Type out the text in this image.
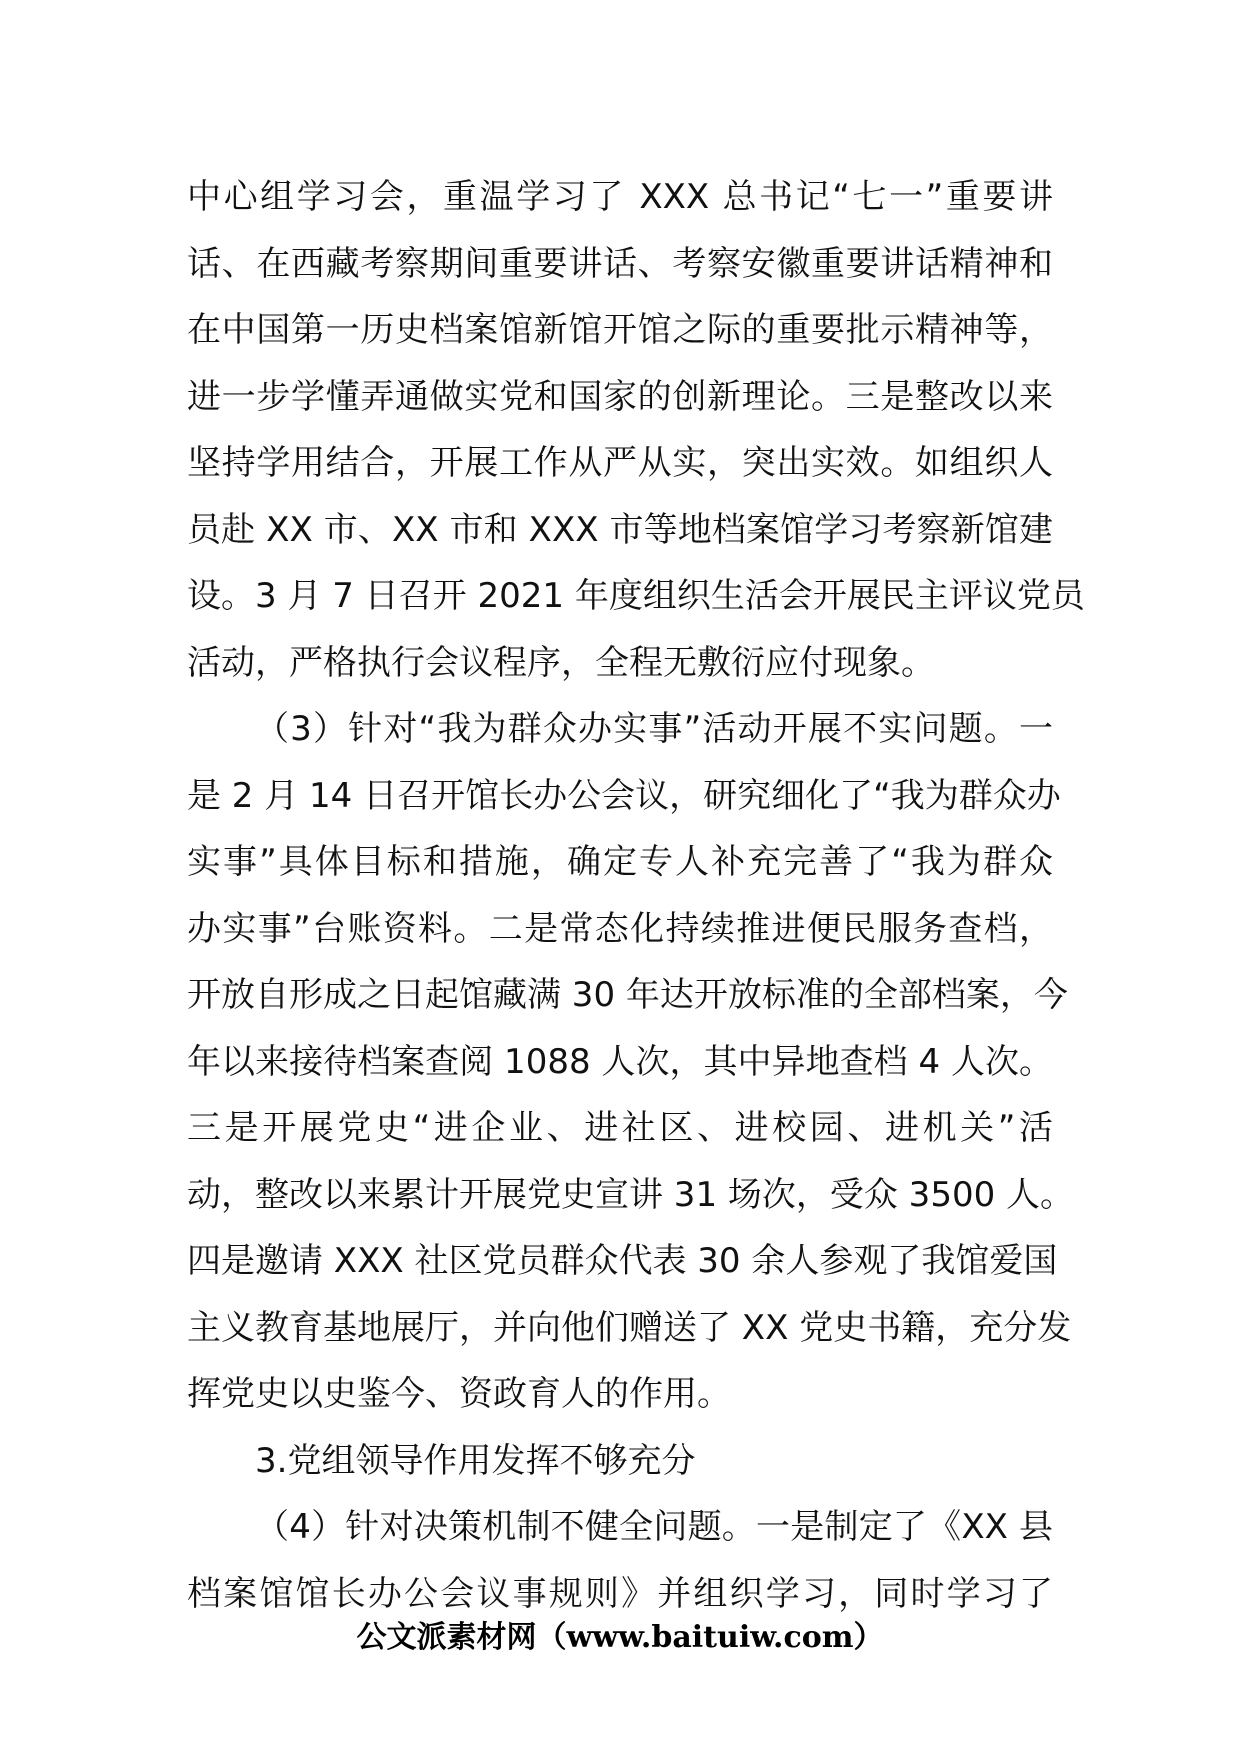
中心组学习会，重温学习了 XXX 总书记“七一”重要讲
话、在西藏考察期间重要讲话、考察安徽重要讲话精神和
在中国第一历史档案馆新馆开馆之际的重要批示精神等，
进一步学懂弄通做实党和国家的创新理论。三是整改以来
坚持学用结合，开展工作从严从实，突出实效。如组织人
员赴 XX 市、XX 市和 XXX 市等地档案馆学习考察新馆建
设。3 月 7 日召开 2021 年度组织生活会开展民主评议党员
活动，严格执行会议程序，全程无敷衍应付现象。
（3）针对“我为群众办实事”活动开展不实问题。一
是 2 月 14 日召开馆长办公会议，研究细化了“我为群众办
实事”具体目标和措施，确定专人补充完善了“我为群众
办实事”台账资料。二是常态化持续推进便民服务查档，
开放自形成之日起馆藏满 30 年达开放标准的全部档案，今
年以来接待档案查阅 1088 人次，其中异地查档 4 人次。
三是开展党史“进企业、进社区、进校园、进机关”活
动，整改以来累计开展党史宣讲 31 场次，受众 3500 人。
四是邀请 XXX 社区党员群众代表 30 余人参观了我馆爱国
主义教育基地展厅，并向他们赠送了 XX 党史书籍，充分发
挥党史以史鉴今、资政育人的作用。
3.党组领导作用发挥不够充分
（4）针对决策机制不健全问题。一是制定了《XX 县
档案馆馆长办公会议事规则》并组织学习，同时学习了
公文派素材网（www.baituiw.com）
